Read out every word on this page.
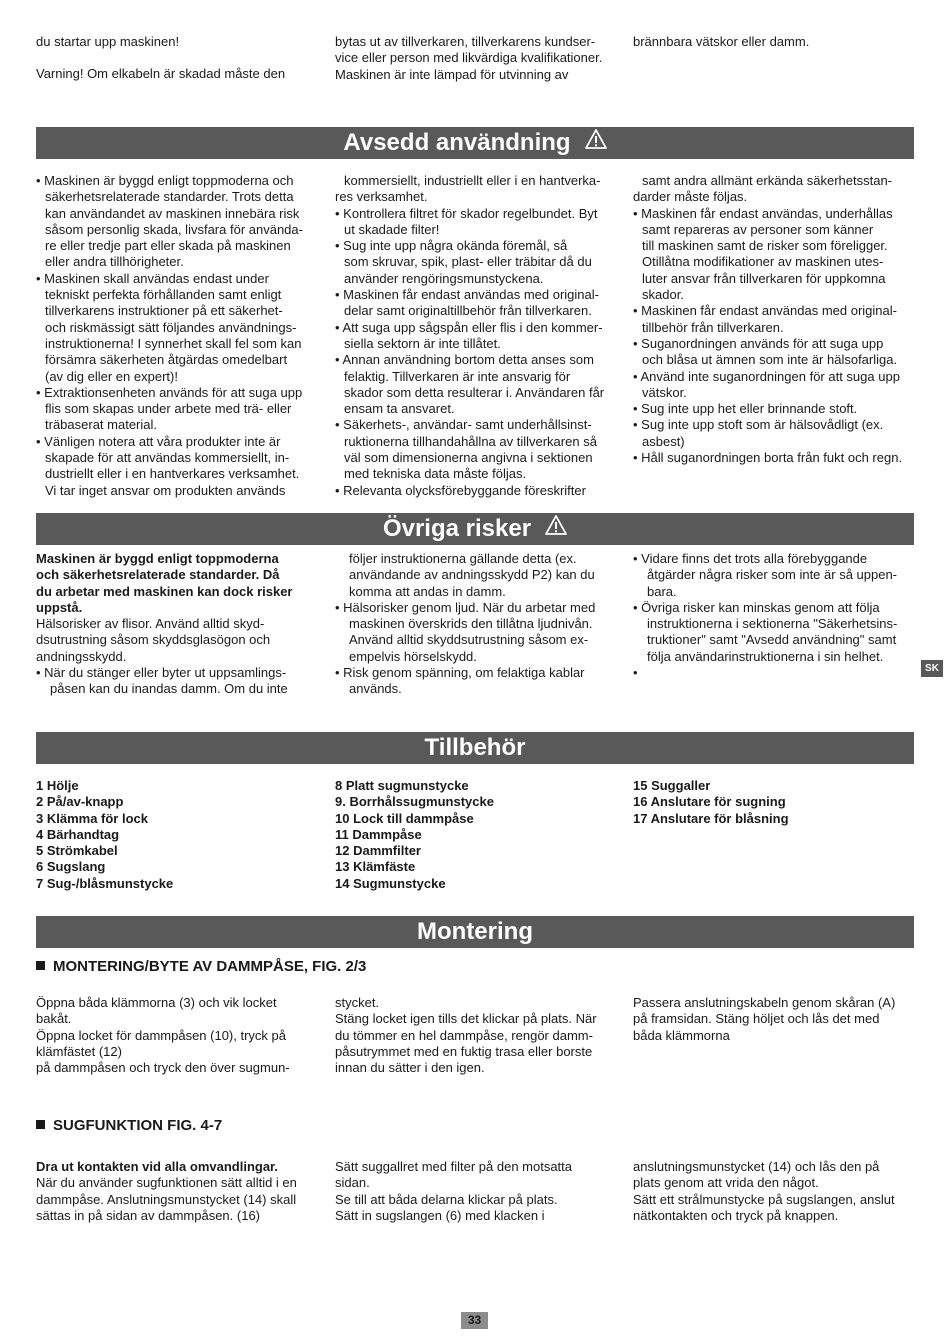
du startar upp maskinen!

Varning! Om elkabeln är skadad måste den

bytas ut av tillverkaren, tillverkarens kundser-

vice eller person med likvärdiga kvalifikationer.

Maskinen är inte lämpad för utvinning av

brännbara vätskor eller damm.

Avsedd användning

• Maskinen är byggd enligt toppmoderna och

säkerhetsrelaterade standarder. Trots detta

kan användandet av maskinen innebära risk

såsom personlig skada, livsfara för användа-

re eller tredje part eller skada på maskinen

eller andra tillhörigheter.

• Maskinen skall användas endast under

tekniskt perfekta förhållanden samt enligt

tillverkarens instruktioner på ett säkerhet-

och riskmässigt sätt följandes användnings-

instruktionerna! I synnerhet skall fel som kan

försämra säkerheten åtgärdas omedelbart

(av dig eller en expert)!

• Extraktionsenheten används för att suga upp

flis som skapas under arbete med trä- eller

träbaserat material.

• Vänligen notera att våra produkter inte är

skapade för att användas kommersiellt, in-

dustriellt eller i en hantverkares verksamhet.

Vi tar inget ansvar om produkten används

kommersiellt, industriellt eller i en hantverka-

res verksamhet.

• Kontrollera filtret för skador regelbundet. Byt

ut skadade filter!

• Sug inte upp några okända föremål, så

som skruvar, spik, plast- eller träbitar då du

använder rengöringsmunstyckena.

• Maskinen får endast användas med original-

delar samt originaltillbehör från tillverkaren.

• Att suga upp sågspån eller flis i den kommer-

siella sektorn är inte tillåtet.

• Annan användning bortom detta anses som

felaktig. Tillverkaren är inte ansvarig för

skador som detta resulterar i. Användaren får

ensam ta ansvaret.

• Säkerhets-, användar- samt underhållsinst-

ruktionerna tillhandahållna av tillverkaren så

väl som dimensionerna angivna i sektionen

med tekniska data måste följas.

• Relevanta olycksförebyggande föreskrifter

samt andra allmänt erkända säkerhetsstan-

darder måste följas.

• Maskinen får endast användas, underhållas

samt repareras av personer som känner

till maskinen samt de risker som föreligger.

Otillåtna modifikationer av maskinen utes-

luter ansvar från tillverkaren för uppkomna

skador.

• Maskinen får endast användas med original-

tillbehör från tillverkaren.

• Suganordningen används för att suga upp

och blåsa ut ämnen som inte är hälsofarliga.

• Använd inte suganordningen för att suga upp

vätskor.

• Sug inte upp het eller brinnande stoft.

• Sug inte upp stoft som är hälsovådligt (ex.

asbest)

• Håll suganordningen borta från fukt och regn.

Övriga risker

Maskinen är byggd enligt toppmoderna

och säkerhetsrelaterade standarder. Då

du arbetar med maskinen kan dock risker

uppstå.

Hälsorisker av flisor. Använd alltid skyd-

dsutrustning såsom skyddsglasögon och

andningsskydd.

• När du stänger eller byter ut uppsamlings-

påsen kan du inandas damm. Om du inte

följer instruktionerna gällande detta (ex.

användande av andningsskydd P2) kan du

komma att andas in damm.

• Hälsorisker genom ljud. När du arbetar med

maskinen överskrids den tillåtna ljudnivån.

Använd alltid skyddsutrustning såsom ex-

empelvis hörselskydd.

• Risk genom spänning, om felaktiga kablar

används.

• Vidare finns det trots alla förebyggande

åtgärder några risker som inte är så uppen-

bara.

• Övriga risker kan minskas genom att följa

instruktionerna i sektionerna "Säkerhetsins-

truktioner" samt "Avsedd användning" samt

följa användarinstruktionerna i sin helhet.

•	SK
Tillbehör

1 Hölje

2 På/av-knapp

3 Klämma för lock

4 Bärhandtag

5 Strömkabel

6 Sugslang

7 Sug-/blåsmunstycke

8 Platt sugmunstycke

9. Borrhålssugmunstycke

10 Lock till dammpåse

11 Dammpåse

12 Dammfilter

13 Klämfäste

14 Sugmunstycke

15 Suggaller

16 Anslutare för sugning

17 Anslutare för blåsning

Montering
MONTERING/BYTE AV DAMMPÅSE, FIG. 2/3

Öppna båda klämmorna (3) och vik locket

bakåt.

Öppna locket för dammpåsen (10), tryck på

klämfästet (12)

på dammpåsen och tryck den över sugmun-

stycket.

Stäng locket igen tills det klickar på plats. När

du tömmer en hel dammpåse, rengör damm-

påsutrymmet med en fuktig trasa eller borste

innan du sätter i den igen.

Passera anslutningskabeln genom skåran (A)

på framsidan. Stäng höljet och lås det med

båda klämmorna

SUGFUNKTION FIG. 4-7
Dra ut kontakten vid alla omvandlingar.

När du använder sugfunktionen sätt alltid i en

dammpåse. Anslutningsmunstycket (14) skall

sättas in på sidan av dammpåsen. (16)

Sätt suggallret med filter på den motsatta

sidan.

Se till att båda delarna klickar på plats.

Sätt in sugslangen (6) med klacken i

anslutningsmunstycket (14) och lås den på

plats genom att vrida den något.

Sätt ett strålmunstycke på sugslangen, anslut

nätkontakten och tryck på knappen.

33
